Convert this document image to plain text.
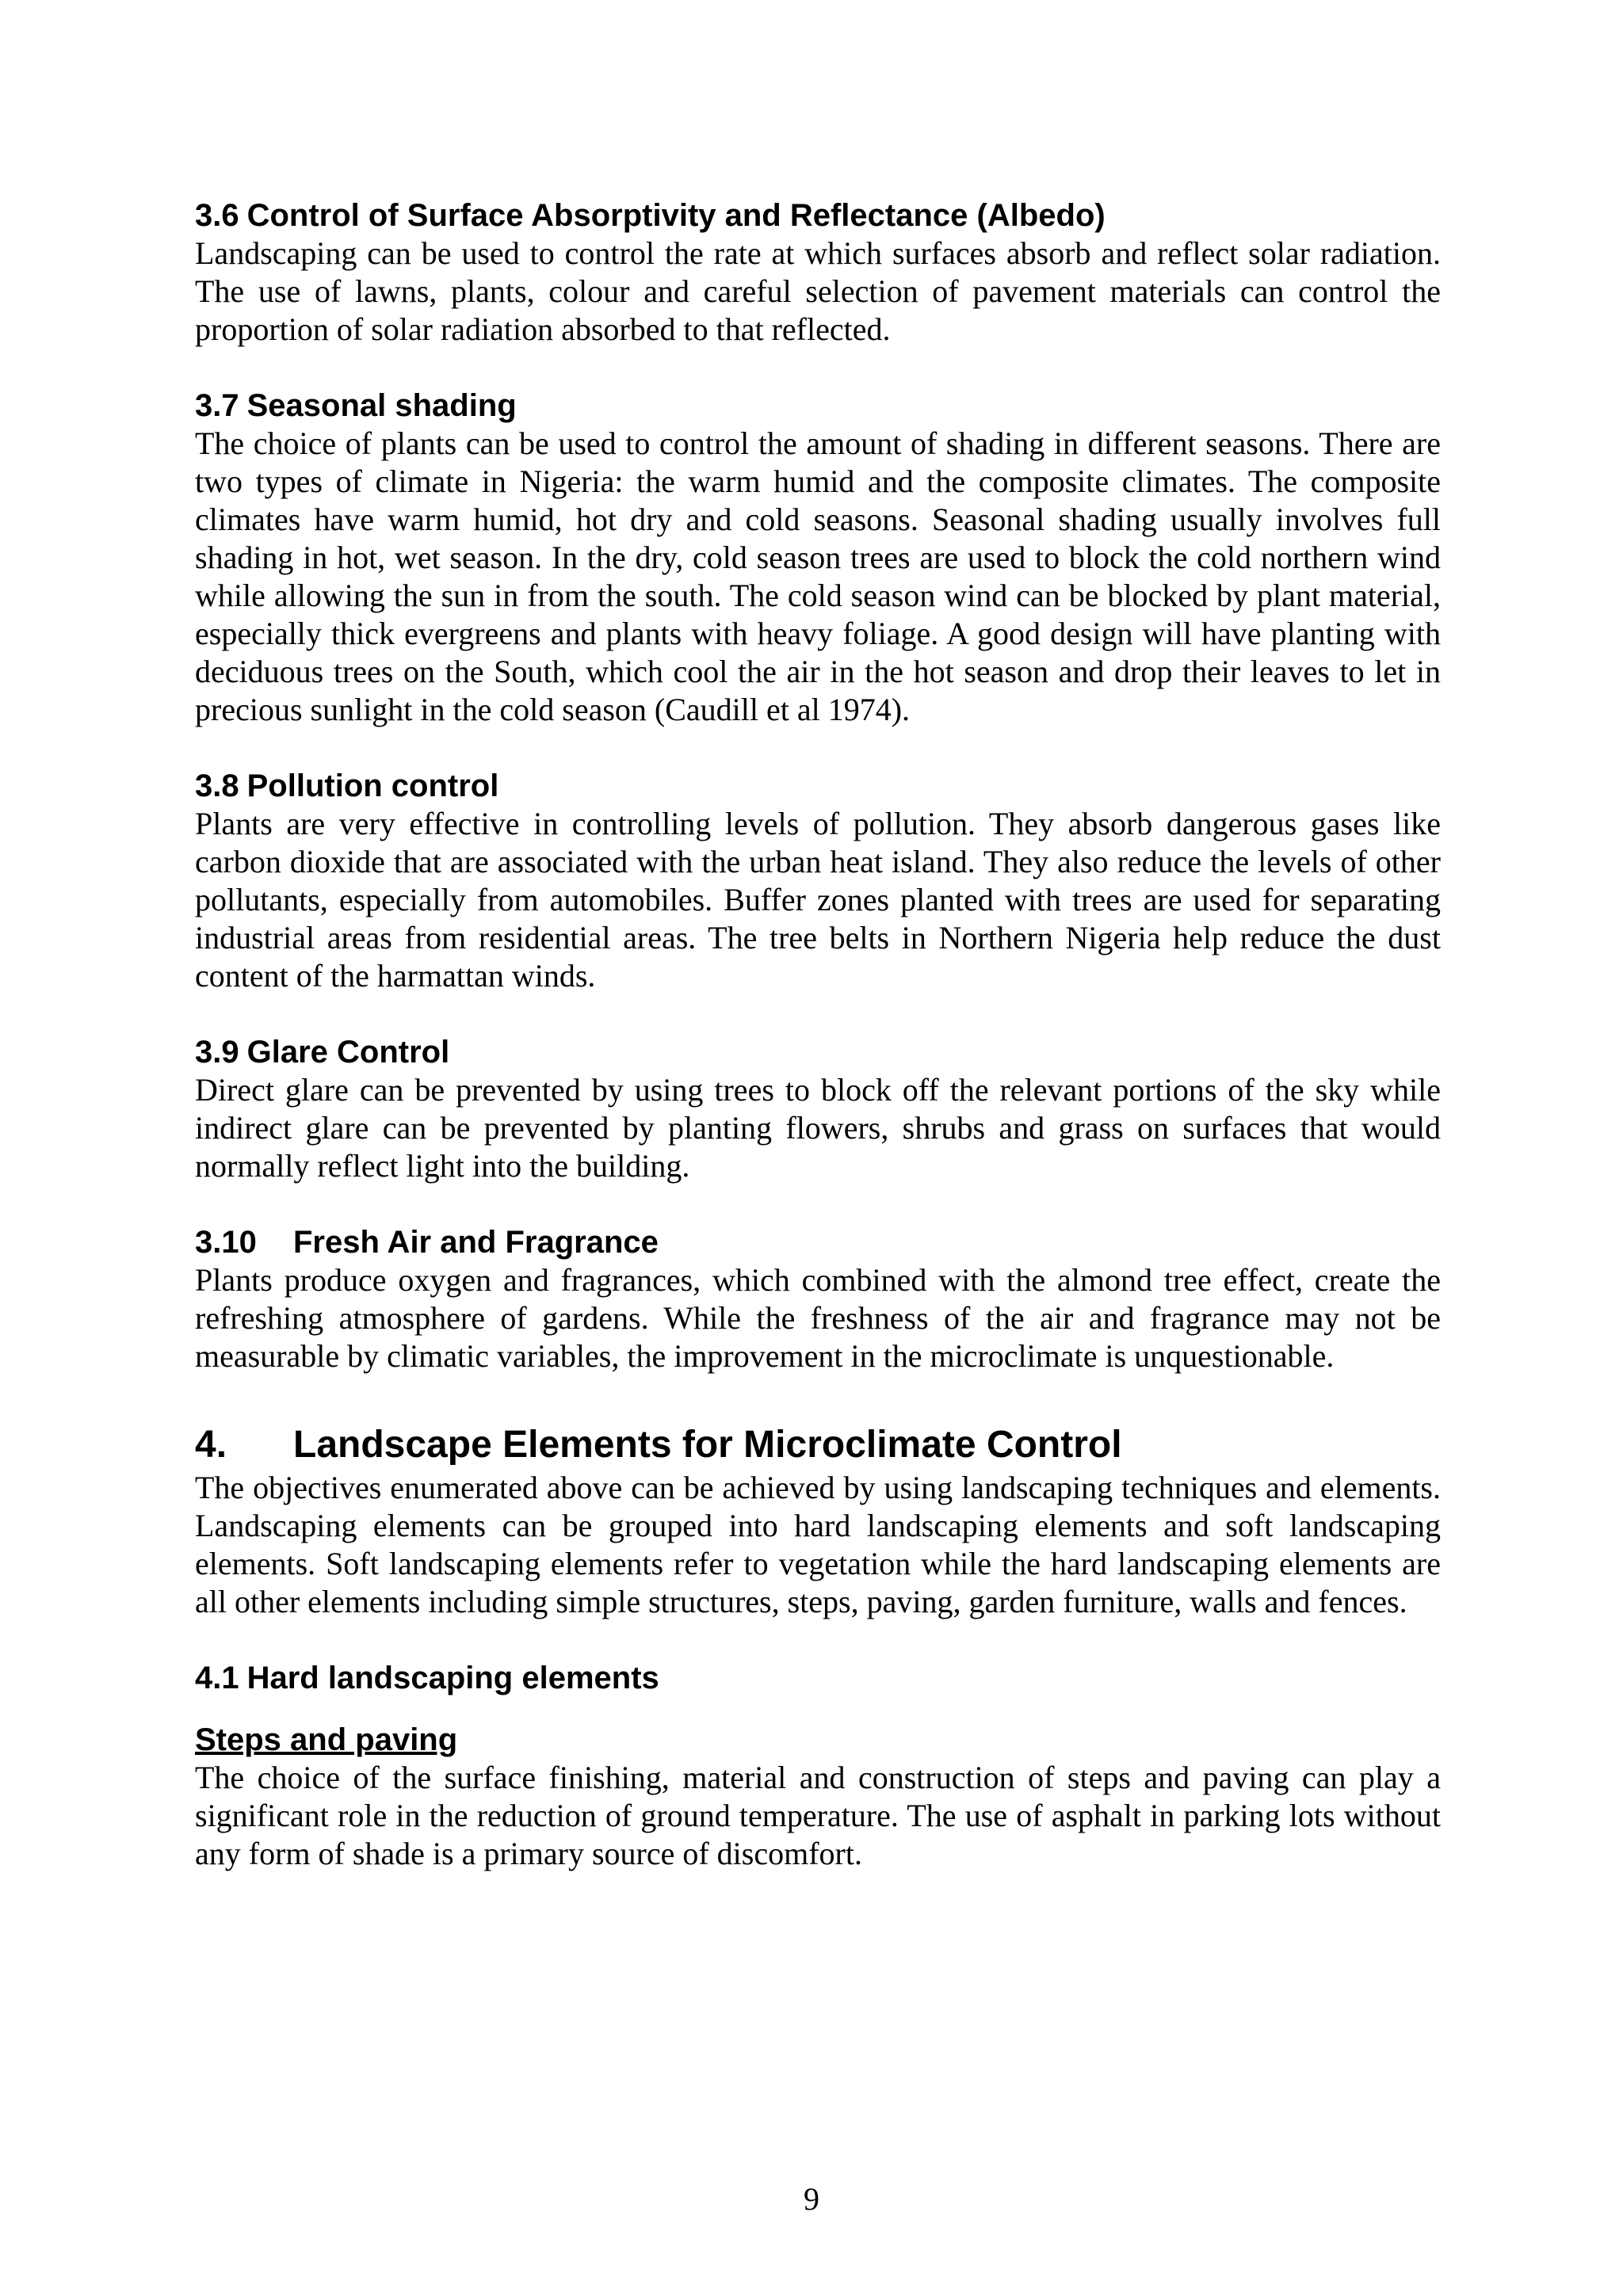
3.6 Control of Surface Absorptivity and Reflectance (Albedo)

Landscaping can be used to control the rate at which surfaces absorb and reflect solar radiation. The use of lawns, plants, colour and careful selection of pavement materials can control the proportion of solar radiation absorbed to that reflected.

3.7 Seasonal shading

The choice of plants can be used to control the amount of shading in different seasons. There are two types of climate in Nigeria: the warm humid and the composite climates. The composite climates have warm humid, hot dry and cold seasons. Seasonal shading usually involves full shading in hot, wet season. In the dry, cold season trees are used to block the cold northern wind while allowing the sun in from the south. The cold season wind can be blocked by plant material, especially thick evergreens and plants with heavy foliage. A good design will have planting with deciduous trees on the South, which cool the air in the hot season and drop their leaves to let in precious sunlight in the cold season (Caudill et al 1974).

3.8 Pollution control

Plants are very effective in controlling levels of pollution. They absorb dangerous gases like carbon dioxide that are associated with the urban heat island. They also reduce the levels of other pollutants, especially from automobiles. Buffer zones planted with trees are used for separating industrial areas from residential areas. The tree belts in Northern Nigeria help reduce the dust content of the harmattan winds.

3.9 Glare Control

Direct glare can be prevented by using trees to block off the relevant portions of the sky while indirect glare can be prevented by planting flowers, shrubs and grass on surfaces that would normally reflect light into the building.

3.10 Fresh Air and Fragrance

Plants produce oxygen and fragrances, which combined with the almond tree effect, create the refreshing atmosphere of gardens. While the freshness of the air and fragrance may not be measurable by climatic variables, the improvement in the microclimate is unquestionable.

4. Landscape Elements for Microclimate Control

The objectives enumerated above can be achieved by using landscaping techniques and elements. Landscaping elements can be grouped into hard landscaping elements and soft landscaping elements. Soft landscaping elements refer to vegetation while the hard landscaping elements are all other elements including simple structures, steps, paving, garden furniture, walls and fences.

4.1 Hard landscaping elements

Steps and paving

The choice of the surface finishing, material and construction of steps and paving can play a significant role in the reduction of ground temperature. The use of asphalt in parking lots without any form of shade is a primary source of discomfort.

9
